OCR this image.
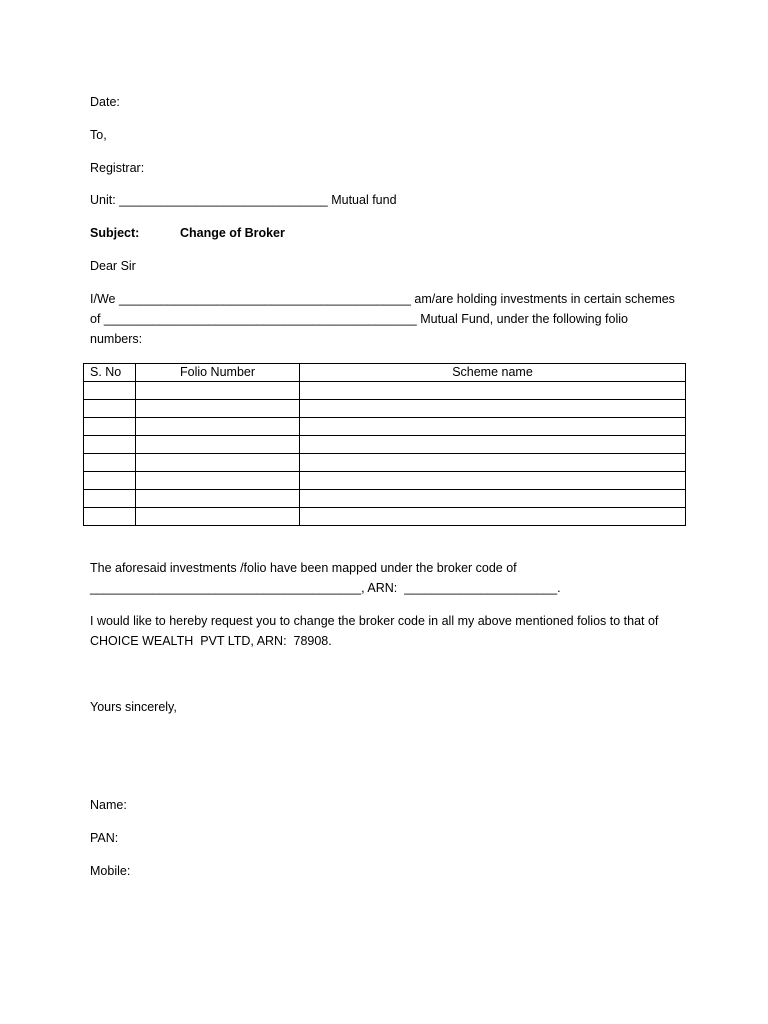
Date:
To,
Registrar:
Unit: ______________________________ Mutual fund
Subject:	Change of Broker
Dear Sir
I/We __________________________________________ am/are holding investments in certain schemes
of _____________________________________________ Mutual Fund, under the following folio
numbers:
S. No	Folio Number	Scheme name

The aforesaid investments /folio have been mapped under the broker code of
_______________________________________, ARN:  ______________________.
I would like to hereby request you to change the broker code in all my above mentioned folios to that of
CHOICE WEALTH  PVT LTD, ARN:  78908.
Yours sincerely,
Name:
PAN:
Mobile:
